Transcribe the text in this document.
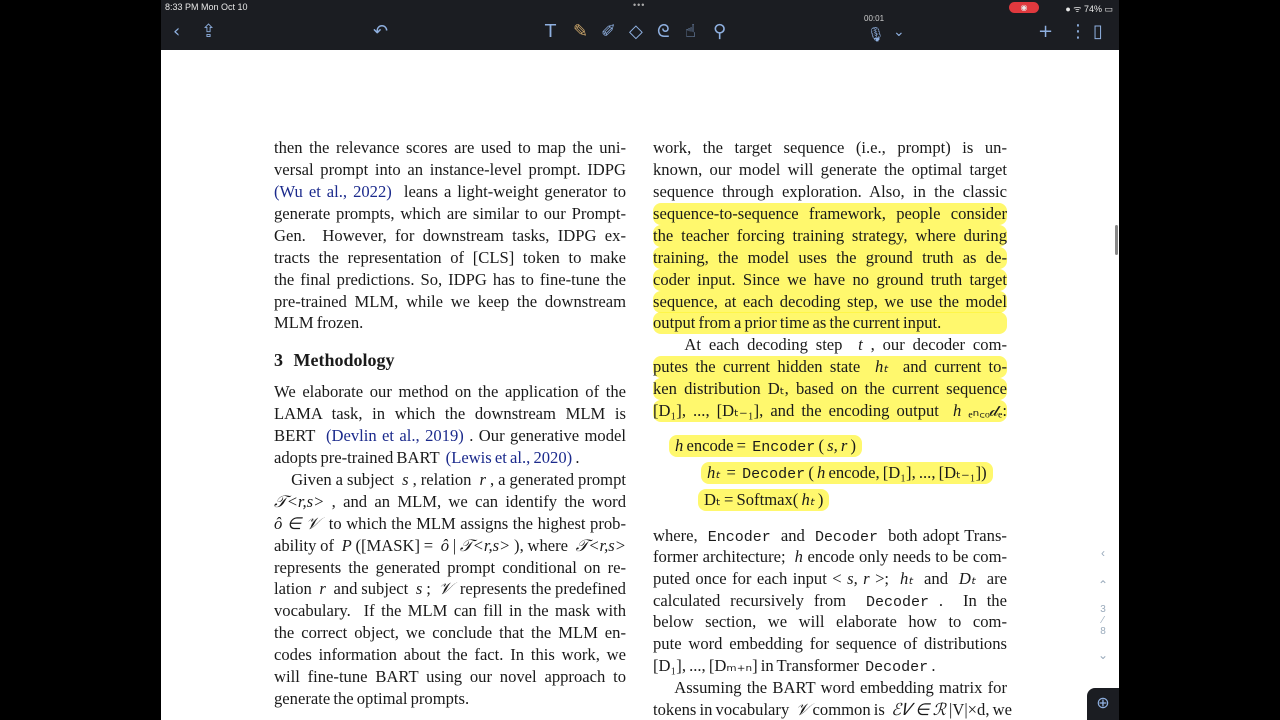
8:33 PM Mon Oct 10	•••	◉	● ᯤ 74% ▭
‹ ⇪	↶	T ✎ ✐ ◇ ᘓ ☝ ⚲
00:01
🎙 ⌄	+ ⋮ ▯
then the relevance scores are used to map the uni-
versal prompt into an instance-level prompt. IDPG
(Wu et al., 2022)  leans a light-weight generator to
generate prompts, which are similar to our Prompt-
Gen.  However, for downstream tasks, IDPG ex-
tracts the representation of [CLS] token to make
the final predictions. So, IDPG has to fine-tune the
pre-trained MLM, while we keep the downstream
MLM frozen.
We elaborate our method on the application of the
LAMA task, in which the downstream MLM is
BERT  (Devlin et al., 2019) . Our generative model
adopts pre-trained BART  (Lewis et al., 2020) .
Given a subject  s , relation  r , a generated prompt
𝒯<r,s> , and an MLM, we can identify the word
ô ∈ 𝒱  to which the MLM assigns the highest prob-
ability of  P ([MASK] =  ô | 𝒯<r,s> ), where  𝒯<r,s>
represents the generated prompt conditional on re-
lation  r  and subject  s ;  𝒱  represents the predefined
vocabulary.  If the MLM can fill in the mask with
the correct object, we conclude that the MLM en-
codes information about the fact. In this work, we
will fine-tune BART using our novel approach to
generate the optimal prompts.
work, the target sequence (i.e., prompt) is un-
known, our model will generate the optimal target
sequence through exploration. Also, in the classic
sequence-to-sequence framework, people consider
the teacher forcing training strategy, where during
training, the model uses the ground truth as de-
coder input. Since we have no ground truth target
sequence, at each decoding step, we use the model
output from a prior time as the current input.
At each decoding step  t , our decoder com-
putes the current hidden state  hₜ  and current to-
ken distribution Dₜ, based on the current sequence
[D₁], ..., [Dₜ₋₁], and the encoding output  h ₑₙ꜀ₒ𝒹ₑ:
h encode =  Encoder ( s, r )
hₜ  =  Decoder ( h encode, [D₁], ..., [Dₜ₋₁])
Dₜ = Softmax( hₜ )
where,  Encoder  and  Decoder  both adopt Trans-
former architecture;  h encode only needs to be com-
puted once for each input < s, r >;  hₜ  and  Dₜ  are
calculated recursively from  Decoder .  In the
below section, we will elaborate how to com-
pute word embedding for sequence of distributions
[D₁], ..., [Dₘ₊ₙ] in Transformer  Decoder .
Assuming the BART word embedding matrix for
tokens in vocabulary  𝒱 common is  ℰ𝑉 ∈ ℛ |V|×d, we
3 Methodology
‹
⌃
3
⁄
8
⌄
⊕
